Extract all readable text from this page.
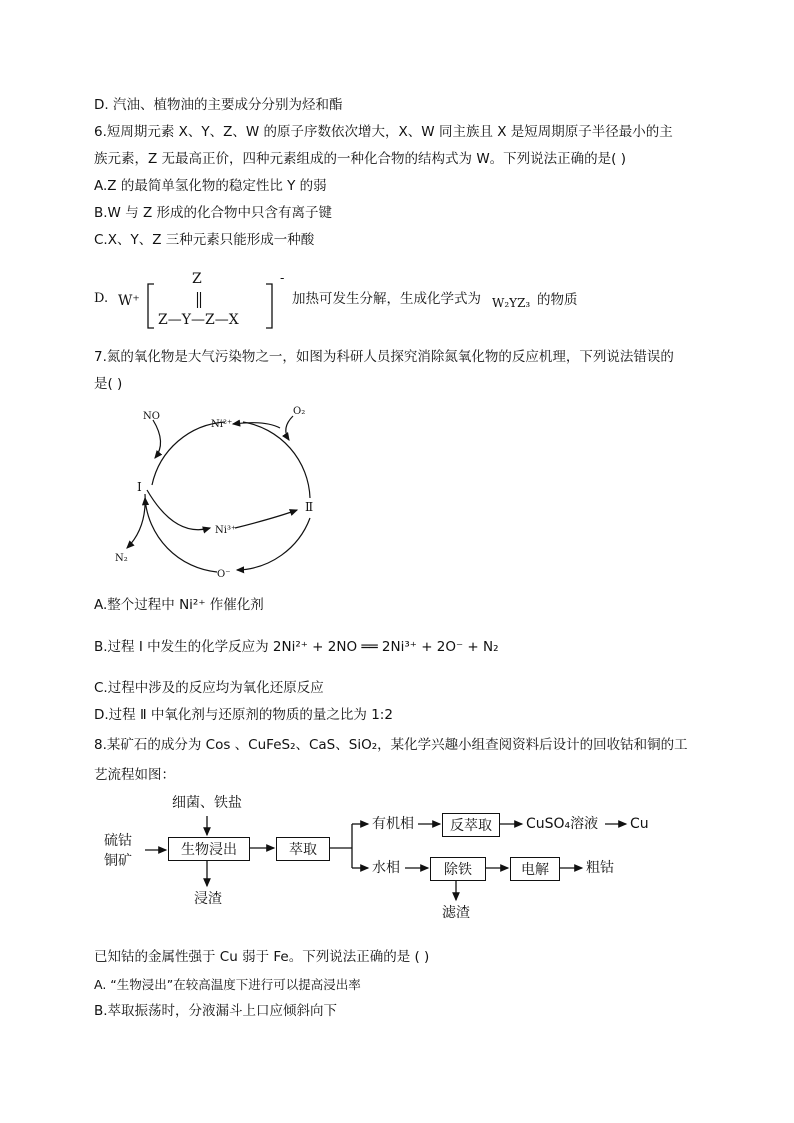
D. 汽油、植物油的主要成分分别为烃和酯
6.短周期元素 X、Y、Z、W 的原子序数依次增大，X、W 同主族且 X 是短周期原子半径最小的主
族元素，Z 无最高正价，四种元素组成的一种化合物的结构式为 W。下列说法正确的是( )
A.Z 的最简单氢化物的稳定性比 Y 的弱
B.W 与 Z 形成的化合物中只含有离子键
C.X、Y、Z 三种元素只能形成一种酸
D. W⁺
Z
Z—Y—Z—X
-
加热可发生分解，生成化学式为 W₂YZ₃ 的物质
7.氮的氧化物是大气污染物之一，如图为科研人员探究消除氮氧化物的反应机理，下列说法错误的
是( )
NO	O₂
Ni²⁺
Ni³⁺
Ⅰ
Ⅱ
N₂
O⁻
A.整个过程中 Ni²⁺ 作催化剂
B.过程 Ⅰ 中发生的化学反应为 2Ni²⁺ + 2NO ══ 2Ni³⁺ + 2O⁻ + N₂
C.过程中涉及的反应均为氧化还原反应
D.过程 Ⅱ 中氧化剂与还原剂的物质的量之比为 1:2
8.某矿石的成分为 Cos 、CuFeS₂、CaS、SiO₂，某化学兴趣小组查阅资料后设计的回收钴和铜的工
艺流程如图：
细菌、铁盐
硫钴
铜矿
生物浸出
浸渣
萃取
有机相	反萃取	CuSO₄溶液 Cu
水相	除铁
滤渣
电解	粗钴
已知钴的金属性强于 Cu 弱于 Fe。下列说法正确的是 ( )
A. “生物浸出”在较高温度下进行可以提高浸出率
B.萃取振荡时，分液漏斗上口应倾斜向下
